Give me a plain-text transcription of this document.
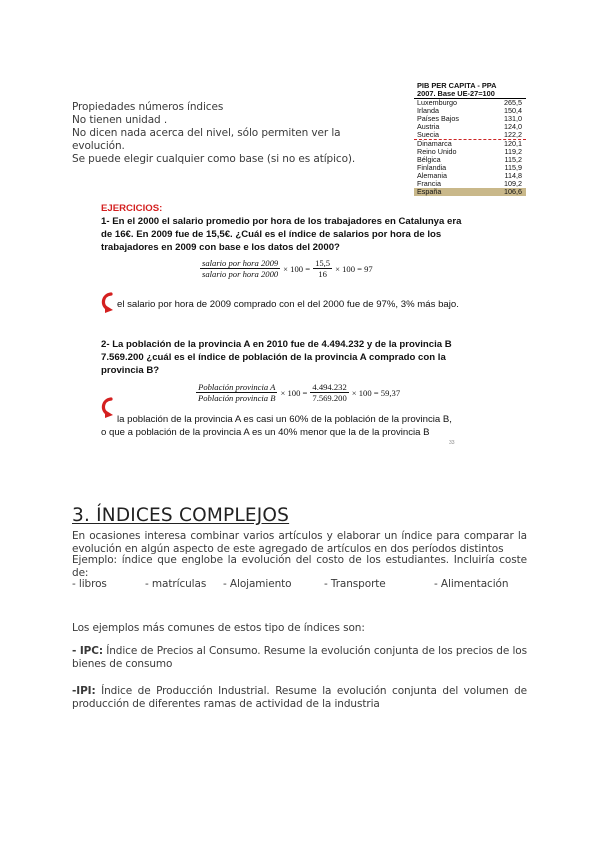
Propiedades números índices
No tienen unidad .
No dicen nada acerca del nivel, sólo permiten ver la evolución.
Se puede elegir cualquier como base (si no es atípico).
PIB PER CAPITA - PPA
2007. Base UE-27=100
Luxemburgo	265,5
Irlanda	150,4
Países Bajos	131,0
Austria	124,0
Suecia	122,2
Dinamarca	120,1
Reino Unido	119,2
Bélgica	115,2
Finlandia	115,9
Alemania	114,8
Francia	109,2
España	106,6
EJERCICIOS:
1- En el 2000 el salario promedio por hora de los trabajadores en Catalunya era de 16€. En 2009 fue de 15,5€. ¿Cuál es el índice de salarios por hora de los trabajadores en 2009 con base e los datos del 2000?
$\frac{\text{salario por hora 2009}}{\text{salario por hora 2000}} \times 100 = \frac{15,5}{16} \times 100 = 97$
el salario por hora de 2009 comprado con el del 2000 fue de 97%, 3% más bajo.
2- La población de la provincia A en 2010 fue de 4.494.232 y de la provincia B 7.569.200 ¿cuál es el índice de población de la provincia A comprado con la provincia B?
$\frac{\text{Población provincia A}}{\text{Población provincia B}} \times 100 = \frac{4.494.232}{7.569.200} \times 100 = 59,37$
la población de la provincia A es casi un 60% de la población de la provincia B,
o que a población de la provincia A es un 40% menor que la de la provincia B
33
3. ÍNDICES COMPLEJOS
En ocasiones interesa combinar varios artículos y elaborar un índice para comparar la evolución en algún aspecto de este agregado de artículos en dos períodos distintos
Ejemplo: índice que englobe la evolución del costo de los estudiantes. Incluiría coste de:
- libros	- matrículas - Alojamiento	- Transporte	- Alimentación
Los ejemplos más comunes de estos tipo de índices son:
- IPC: Índice de Precios al Consumo. Resume la evolución conjunta de los precios de los bienes de consumo
-IPI: Índice de Producción Industrial. Resume la evolución conjunta del volumen de producción de diferentes ramas de actividad de la industria
